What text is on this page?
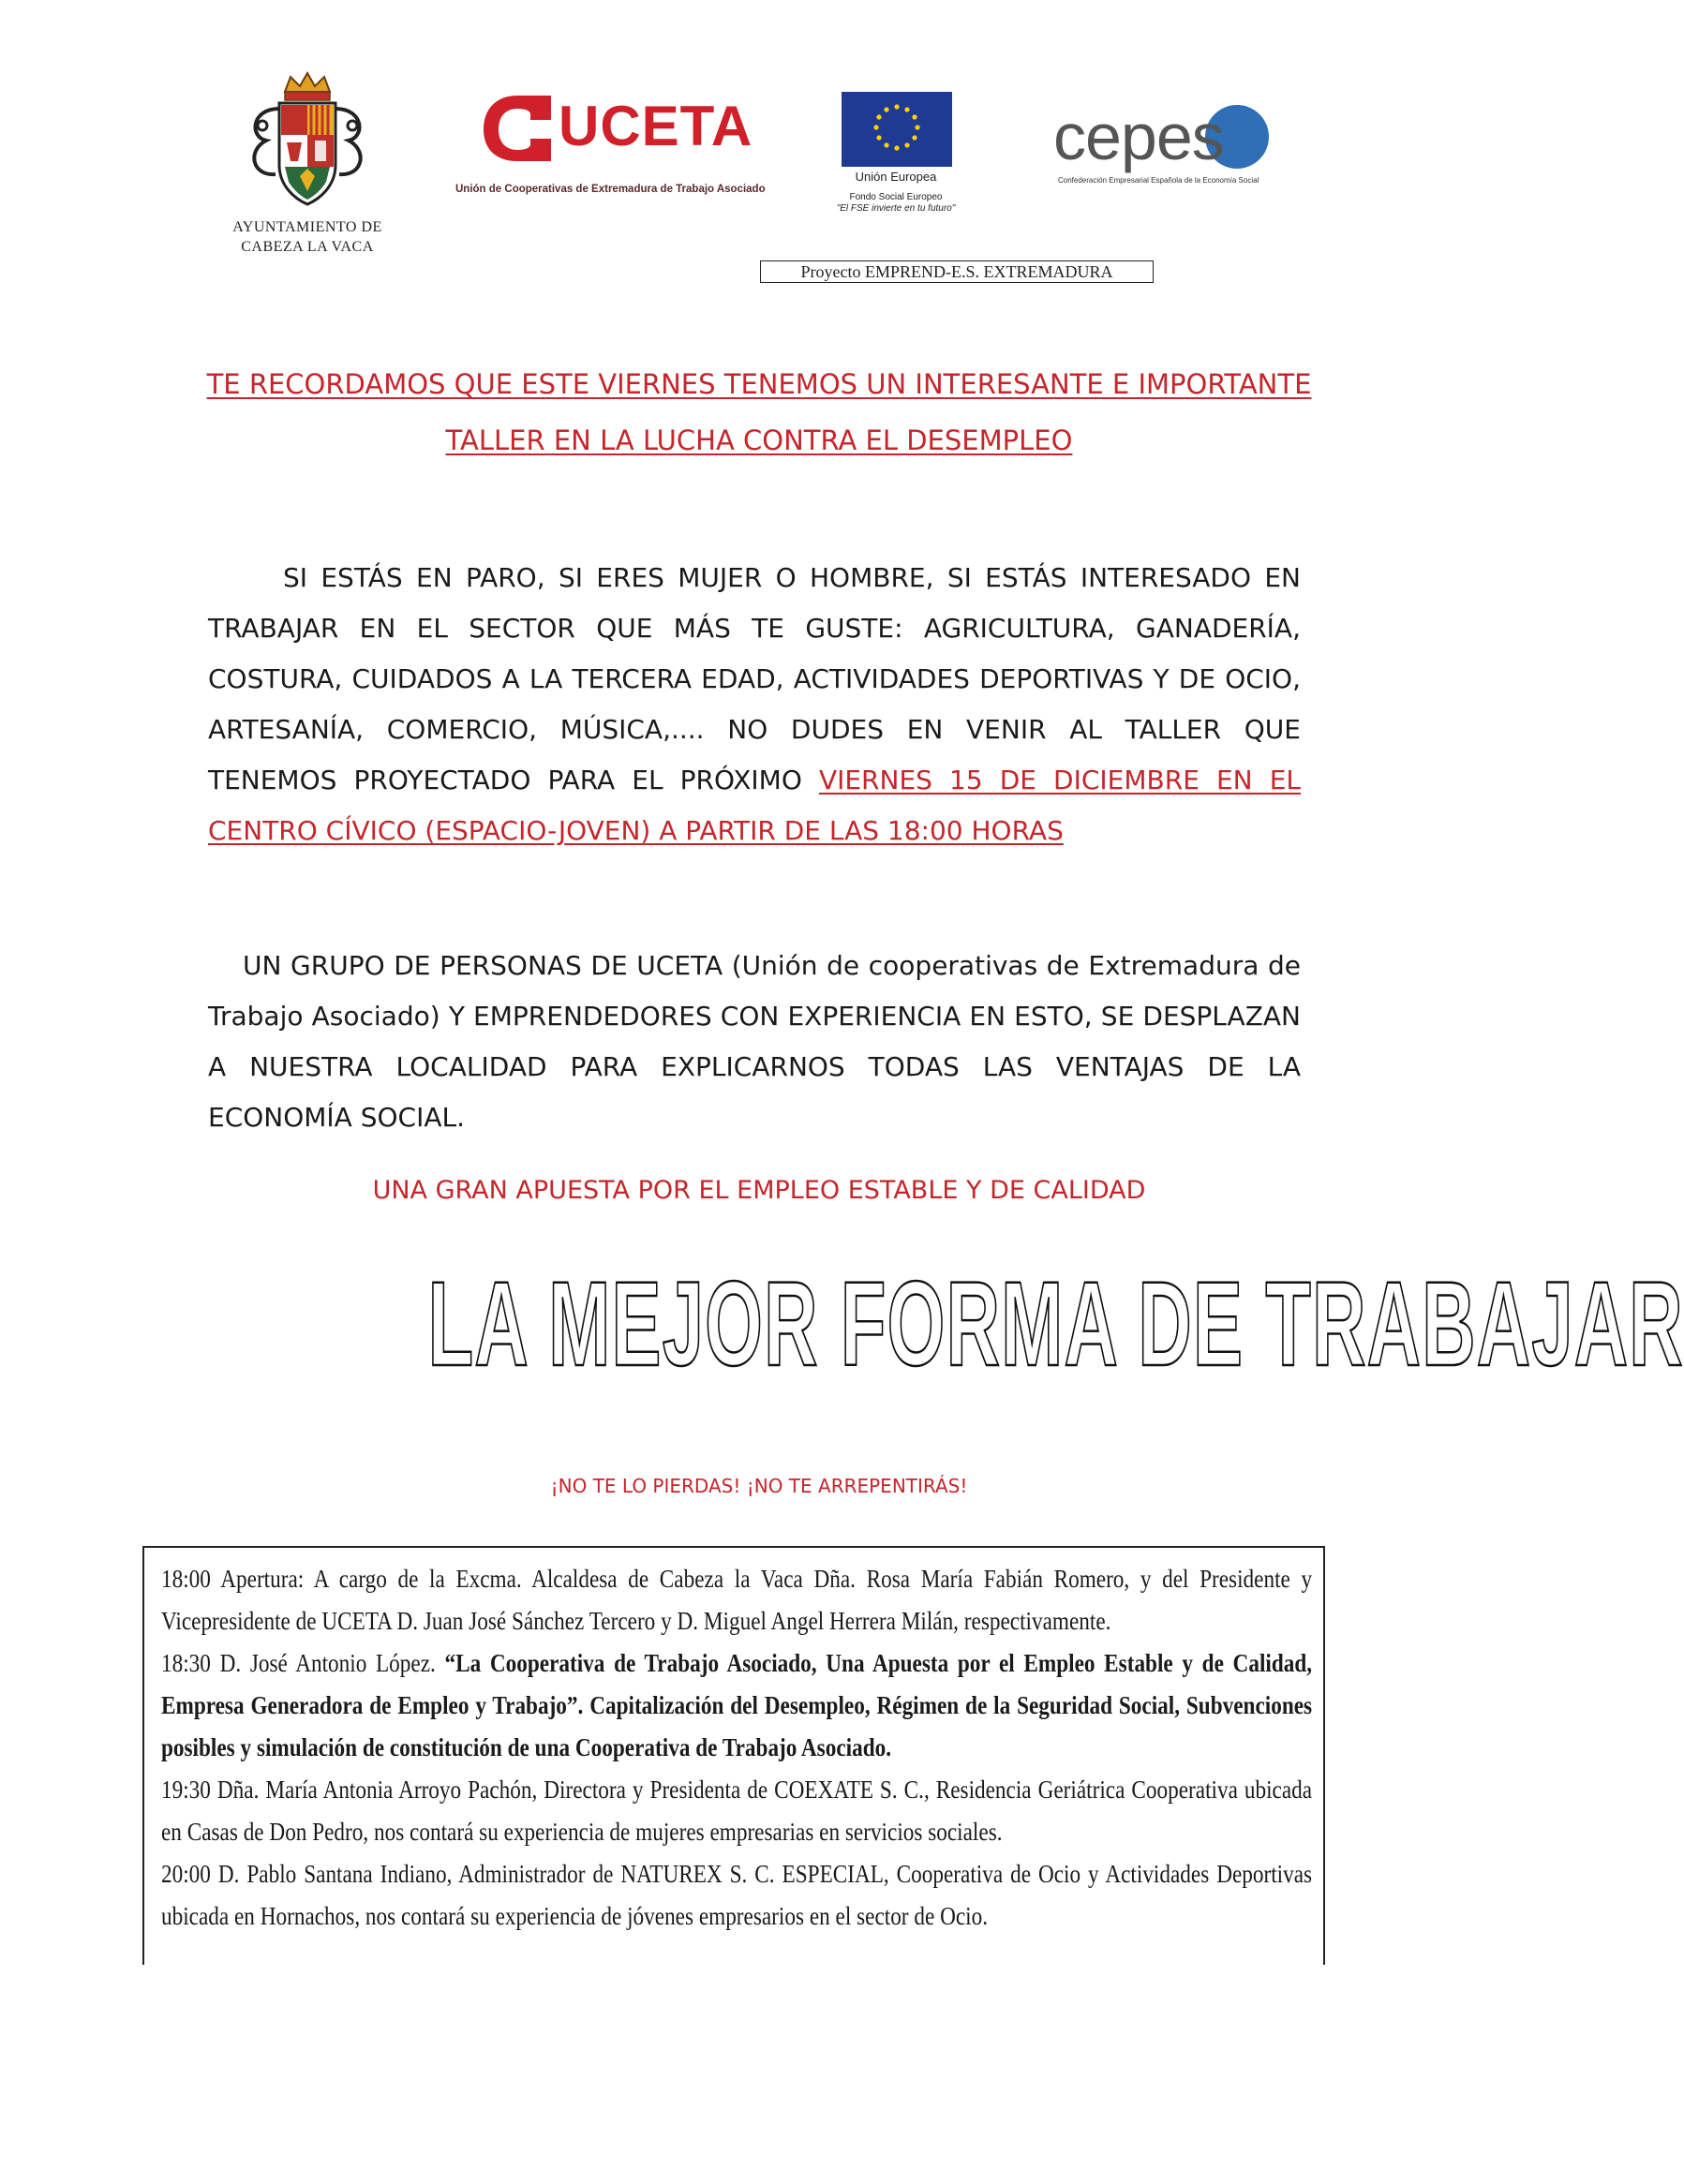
AYUNTAMIENTO DE CABEZA LA VACA
UCETA
Unión de Cooperativas de Extremadura de Trabajo Asociado
Unión Europea
Fondo Social Europeo
"El FSE invierte en tu futuro"
cepes
Confederación Empresarial Española de la Economía Social
Proyecto EMPREND-E.S. EXTREMADURA
TE RECORDAMOS QUE ESTE VIERNES TENEMOS UN INTERESANTE E IMPORTANTE TALLER EN LA LUCHA CONTRA EL DESEMPLEO
SI ESTÁS EN PARO, SI ERES MUJER O HOMBRE, SI ESTÁS INTERESADO EN TRABAJAR EN EL SECTOR QUE MÁS TE GUSTE: AGRICULTURA, GANADERÍA, COSTURA, CUIDADOS A LA TERCERA EDAD, ACTIVIDADES DEPORTIVAS Y DE OCIO, ARTESANÍA, COMERCIO, MÚSICA,.... NO DUDES EN VENIR AL TALLER QUE TENEMOS PROYECTADO PARA EL PRÓXIMO VIERNES 15 DE DICIEMBRE EN EL CENTRO CÍVICO (ESPACIO-JOVEN) A PARTIR DE LAS 18:00 HORAS
UN GRUPO DE PERSONAS DE UCETA (Unión de cooperativas de Extremadura de Trabajo Asociado) Y EMPRENDEDORES CON EXPERIENCIA EN ESTO, SE DESPLAZAN A NUESTRA LOCALIDAD PARA EXPLICARNOS TODAS LAS VENTAJAS DE LA ECONOMÍA SOCIAL.
UNA GRAN APUESTA POR EL EMPLEO ESTABLE Y DE CALIDAD
LA MEJOR FORMA DE TRABAJAR
¡NO TE LO PIERDAS! ¡NO TE ARREPENTIRÁS!

18:00 Apertura: A cargo de la Excma. Alcaldesa de Cabeza la Vaca Dña. Rosa María Fabián Romero, y del Presidente y Vicepresidente de UCETA D. Juan José Sánchez Tercero y D. Miguel Angel Herrera Milán, respectivamente.

18:30 D. José Antonio López. “La Cooperativa de Trabajo Asociado, Una Apuesta por el Empleo Estable y de Calidad, Empresa Generadora de Empleo y Trabajo”. Capitalización del Desempleo, Régimen de la Seguridad Social, Subvenciones posibles y simulación de constitución de una Cooperativa de Trabajo Asociado.

19:30 Dña. María Antonia Arroyo Pachón, Directora y Presidenta de COEXATE S. C., Residencia Geriátrica Cooperativa ubicada en Casas de Don Pedro, nos contará su experiencia de mujeres empresarias en servicios sociales.

20:00 D. Pablo Santana Indiano, Administrador de NATUREX S. C. ESPECIAL, Cooperativa de Ocio y Actividades Deportivas ubicada en Hornachos, nos contará su experiencia de jóvenes empresarios en el sector de Ocio.
